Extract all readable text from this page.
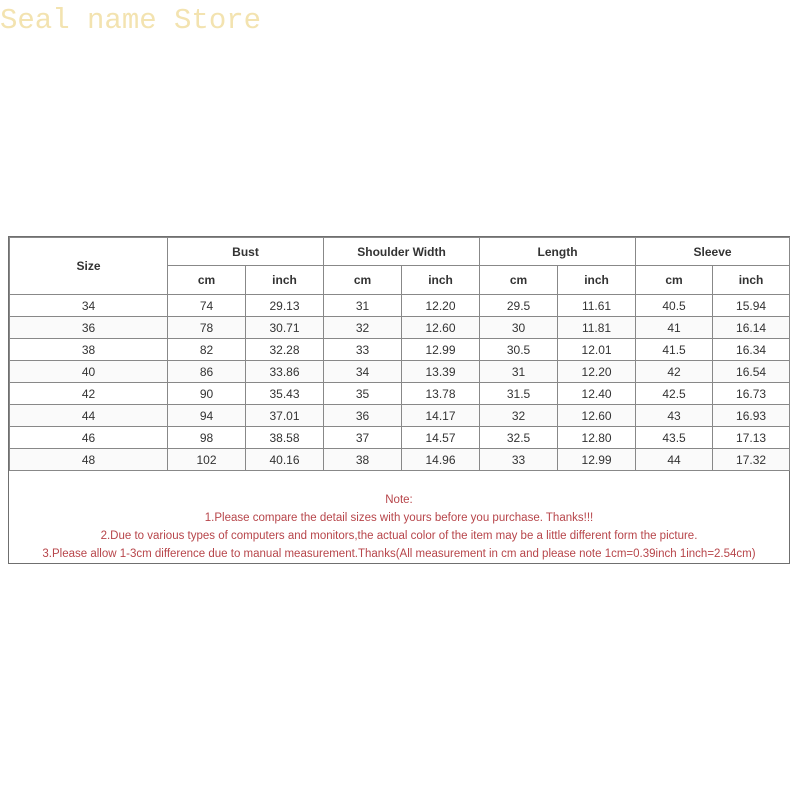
Seal name Store
Size	Bust		Shoulder Width		Length		Sleeve	
	cm	inch	cm	inch	cm	inch	cm	inch
34	74	29.13	31	12.20	29.5	11.61	40.5	15.94
36	78	30.71	32	12.60	30	11.81	41	16.14
38	82	32.28	33	12.99	30.5	12.01	41.5	16.34
40	86	33.86	34	13.39	31	12.20	42	16.54
42	90	35.43	35	13.78	31.5	12.40	42.5	16.73
44	94	37.01	36	14.17	32	12.60	43	16.93
46	98	38.58	37	14.57	32.5	12.80	43.5	17.13
48	102	40.16	38	14.96	33	12.99	44	17.32
Note:
1.Please compare the detail sizes with yours before you purchase. Thanks!!!
2.Due to various types of computers and monitors,the actual color of the item may be a little different form the picture.
3.Please allow 1-3cm difference due to manual measurement.Thanks(All measurement in cm and please note 1cm=0.39inch 1inch=2.54cm)
